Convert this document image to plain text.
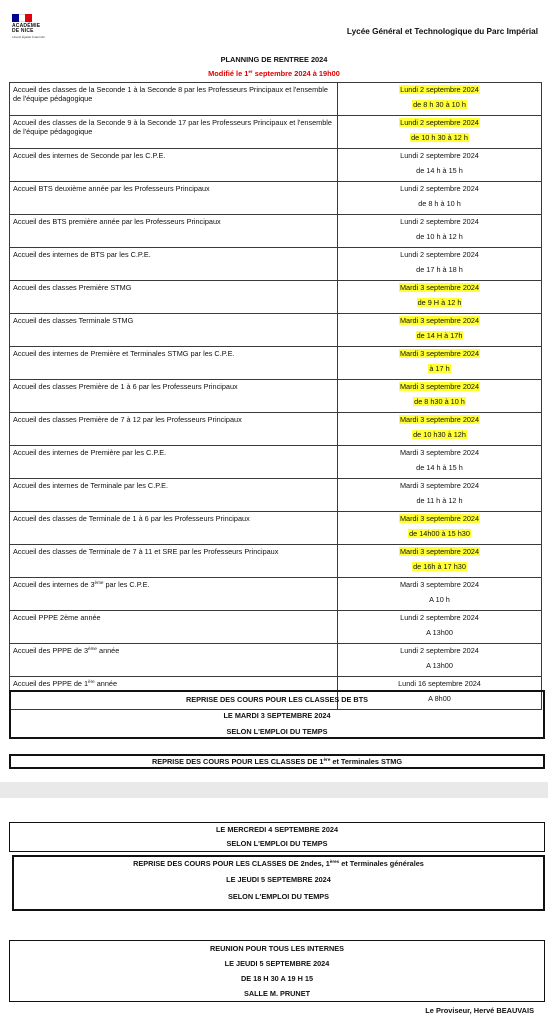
ACADÉMIE
DE NICE
Liberté Égalité Fraternité
Lycée Général et Technologique du Parc Impérial
PLANNING DE RENTREE 2024
Modifié le 1er septembre 2024 à 19h00
Accueil des classes de la Seconde 1 à la Seconde 8 par les Professeurs Principaux et l'ensemble de l'équipe pédagogique	Lundi 2 septembre 2024
de 8 h 30 à 10 h

Accueil des classes de la Seconde 9 à la Seconde 17 par les Professeurs Principaux et l'ensemble de l'équipe pédagogique	Lundi 2 septembre 2024
de 10 h 30 à 12 h

Accueil des internes de Seconde par les C.P.E.	Lundi 2 septembre 2024
de 14 h à 15 h

Accueil BTS deuxième année par les Professeurs Principaux	Lundi 2 septembre 2024
de 8 h à 10 h

Accueil des BTS première année par les Professeurs Principaux	Lundi 2 septembre 2024
de 10 h à 12 h

Accueil des internes de BTS par les C.P.E.	Lundi 2 septembre 2024
de 17 h à 18 h

Accueil des classes Première STMG	Mardi 3 septembre 2024
de 9 H à 12 h

Accueil des classes Terminale STMG	Mardi 3 septembre 2024
de 14 H à 17h

Accueil des internes de Première et Terminales STMG par les C.P.E.	Mardi 3 septembre 2024
à 17 h

Accueil des classes Première de 1 à 6 par les Professeurs Principaux	Mardi 3 septembre 2024
de 8 h30 à 10 h

Accueil des classes Première de 7 à 12 par les Professeurs Principaux	Mardi 3 septembre 2024
de 10 h30 à 12h

Accueil des internes de Première par les C.P.E.	Mardi 3 septembre 2024
de 14 h à 15 h

Accueil des internes de Terminale par les C.P.E.	Mardi 3 septembre 2024
de 11 h à 12 h

Accueil des classes de Terminale de 1 à 6 par les Professeurs Principaux	Mardi 3 septembre 2024
de 14h00 à 15 h30

Accueil des classes de Terminale de 7 à 11 et SRE par les Professeurs Principaux	Mardi 3 septembre 2024
de 16h à 17 h30

Accueil des internes de 3ème par les C.P.E.	Mardi 3 septembre 2024
A 10 h

Accueil PPPE 2ème année	Lundi 2 septembre 2024
A 13h00

Accueil des PPPE de 3ème année	Lundi 2 septembre 2024
A 13h00

Accueil des PPPE de 1ère année	Lundi 16 septembre 2024
A 8h00
REPRISE DES COURS POUR LES CLASSES DE BTS
LE MARDI 3 SEPTEMBRE 2024
SELON L'EMPLOI DU TEMPS
REPRISE DES COURS POUR LES CLASSES DE 1ère et Terminales STMG
LE MERCREDI 4 SEPTEMBRE 2024
SELON L'EMPLOI DU TEMPS
REPRISE DES COURS POUR LES CLASSES DE 2ndes, 1ères et Terminales générales
LE JEUDI 5 SEPTEMBRE 2024
SELON L'EMPLOI DU TEMPS
REUNION POUR TOUS LES INTERNES
LE JEUDI 5 SEPTEMBRE 2024
DE 18 H 30 A 19 H 15
SALLE M. PRUNET
Le Proviseur, Hervé BEAUVAIS
